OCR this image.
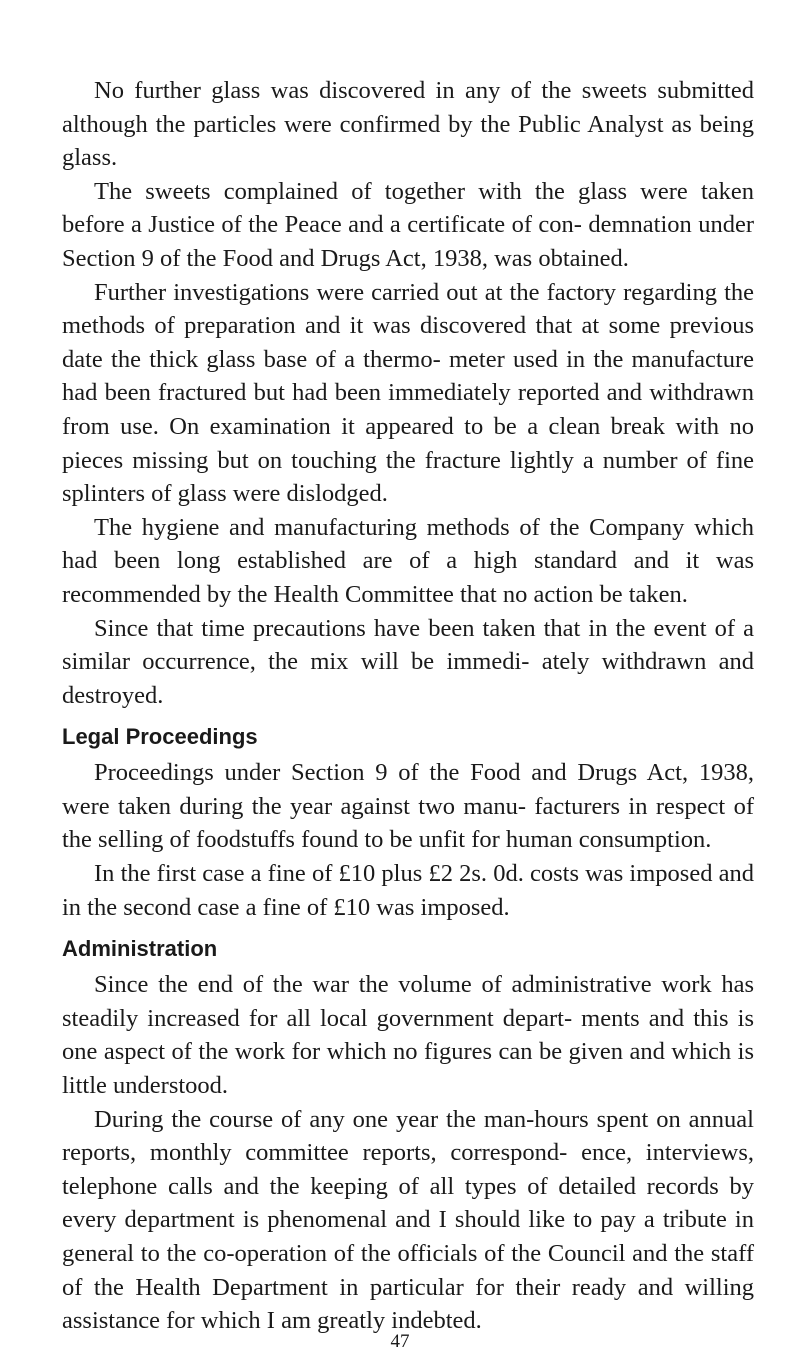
No further glass was discovered in any of the sweets submitted although the particles were confirmed by the Public Analyst as being glass.

The sweets complained of together with the glass were taken before a Justice of the Peace and a certificate of con- demnation under Section 9 of the Food and Drugs Act, 1938, was obtained.

Further investigations were carried out at the factory regarding the methods of preparation and it was discovered that at some previous date the thick glass base of a thermo- meter used in the manufacture had been fractured but had been immediately reported and withdrawn from use. On examination it appeared to be a clean break with no pieces missing but on touching the fracture lightly a number of fine splinters of glass were dislodged.

The hygiene and manufacturing methods of the Company which had been long established are of a high standard and it was recommended by the Health Committee that no action be taken.

Since that time precautions have been taken that in the event of a similar occurrence, the mix will be immedi- ately withdrawn and destroyed.

Legal Proceedings

Proceedings under Section 9 of the Food and Drugs Act, 1938, were taken during the year against two manu- facturers in respect of the selling of foodstuffs found to be unfit for human consumption.

In the first case a fine of £10 plus £2 2s. 0d. costs was imposed and in the second case a fine of £10 was imposed.

Administration

Since the end of the war the volume of administrative work has steadily increased for all local government depart- ments and this is one aspect of the work for which no figures can be given and which is little understood.

During the course of any one year the man-hours spent on annual reports, monthly committee reports, correspond- ence, interviews, telephone calls and the keeping of all types of detailed records by every department is phenomenal and I should like to pay a tribute in general to the co-operation of the officials of the Council and the staff of the Health Department in particular for their ready and willing assistance for which I am greatly indebted.

47
